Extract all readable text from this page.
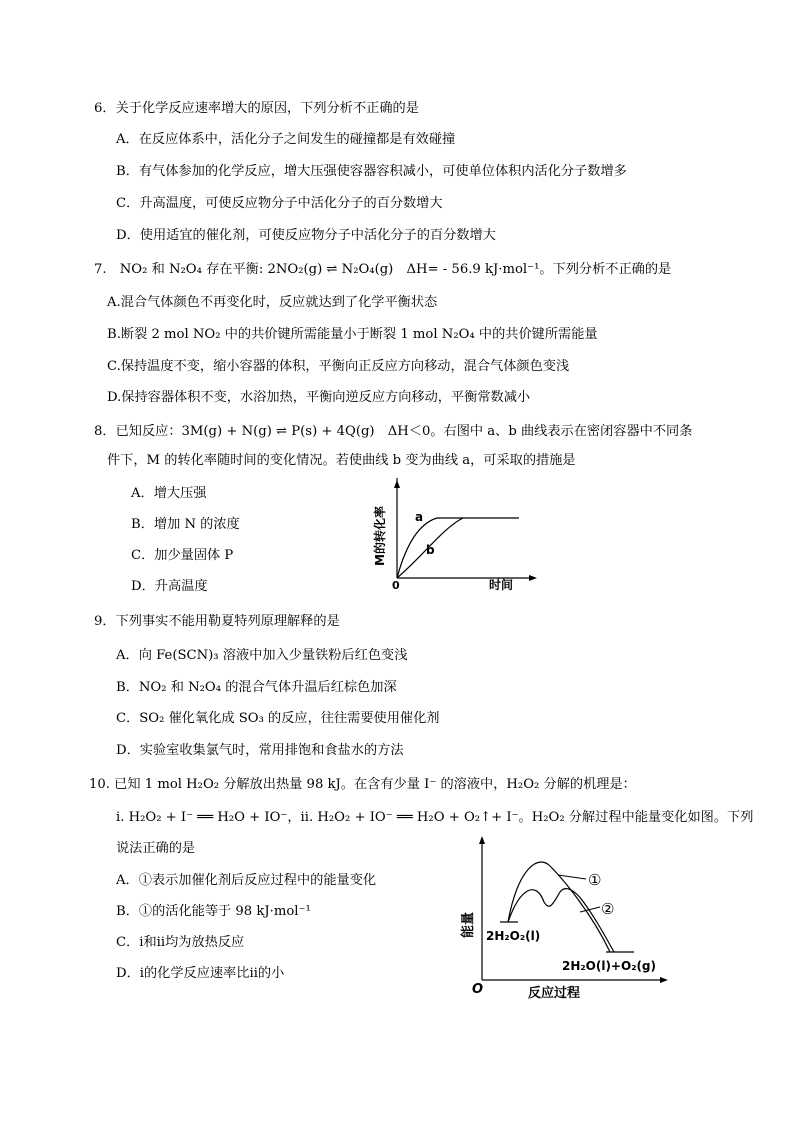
6．关于化学反应速率增大的原因，下列分析不正确的是
A．在反应体系中，活化分子之间发生的碰撞都是有效碰撞
B．有气体参加的化学反应，增大压强使容器容积减小，可使单位体积内活化分子数增多
C．升高温度，可使反应物分子中活化分子的百分数增大
D．使用适宜的催化剂，可使反应物分子中活化分子的百分数增大
7.　NO₂ 和 N₂O₄ 存在平衡: 2NO₂(g) ⇌ N₂O₄(g)　ΔH= - 56.9 kJ·mol⁻¹。下列分析不正确的是
A.混合气体颜色不再变化时，反应就达到了化学平衡状态
B.断裂 2 mol NO₂ 中的共价键所需能量小于断裂 1 mol N₂O₄ 中的共价键所需能量
C.保持温度不变，缩小容器的体积，平衡向正反应方向移动，混合气体颜色变浅
D.保持容器体积不变，水浴加热，平衡向逆反应方向移动，平衡常数减小
8．已知反应：3M(g) + N(g) ⇌ P(s) + 4Q(g)　ΔH＜0。右图中 a、b 曲线表示在密闭容器中不同条
件下，M 的转化率随时间的变化情况。若使曲线 b 变为曲线 a，可采取的措施是
A．增大压强
B．增加 N 的浓度
C．加少量固体 P
D．升高温度
a
b
0	时间
M的转化率
9．下列事实不能用勒夏特列原理解释的是
A．向 Fe(SCN)₃ 溶液中加入少量铁粉后红色变浅
B．NO₂ 和 N₂O₄ 的混合气体升温后红棕色加深
C．SO₂ 催化氧化成 SO₃ 的反应，往往需要使用催化剂
D．实验室收集氯气时，常用排饱和食盐水的方法
10. 已知 1 mol H₂O₂ 分解放出热量 98 kJ。在含有少量 I⁻ 的溶液中，H₂O₂ 分解的机理是：
ⅰ. H₂O₂ + I⁻ ══ H₂O + IO⁻，ⅱ. H₂O₂ + IO⁻ ══ H₂O + O₂↑+ I⁻。H₂O₂ 分解过程中能量变化如图。下列
说法正确的是
A．①表示加催化剂后反应过程中的能量变化
B．①的活化能等于 98 kJ·mol⁻¹
C．ⅰ和ⅱ均为放热反应
D．ⅰ的化学反应速率比ⅱ的小
①
②
2H₂O₂(l)
2H₂O(l)+O₂(g)
O	反应过程
能量
